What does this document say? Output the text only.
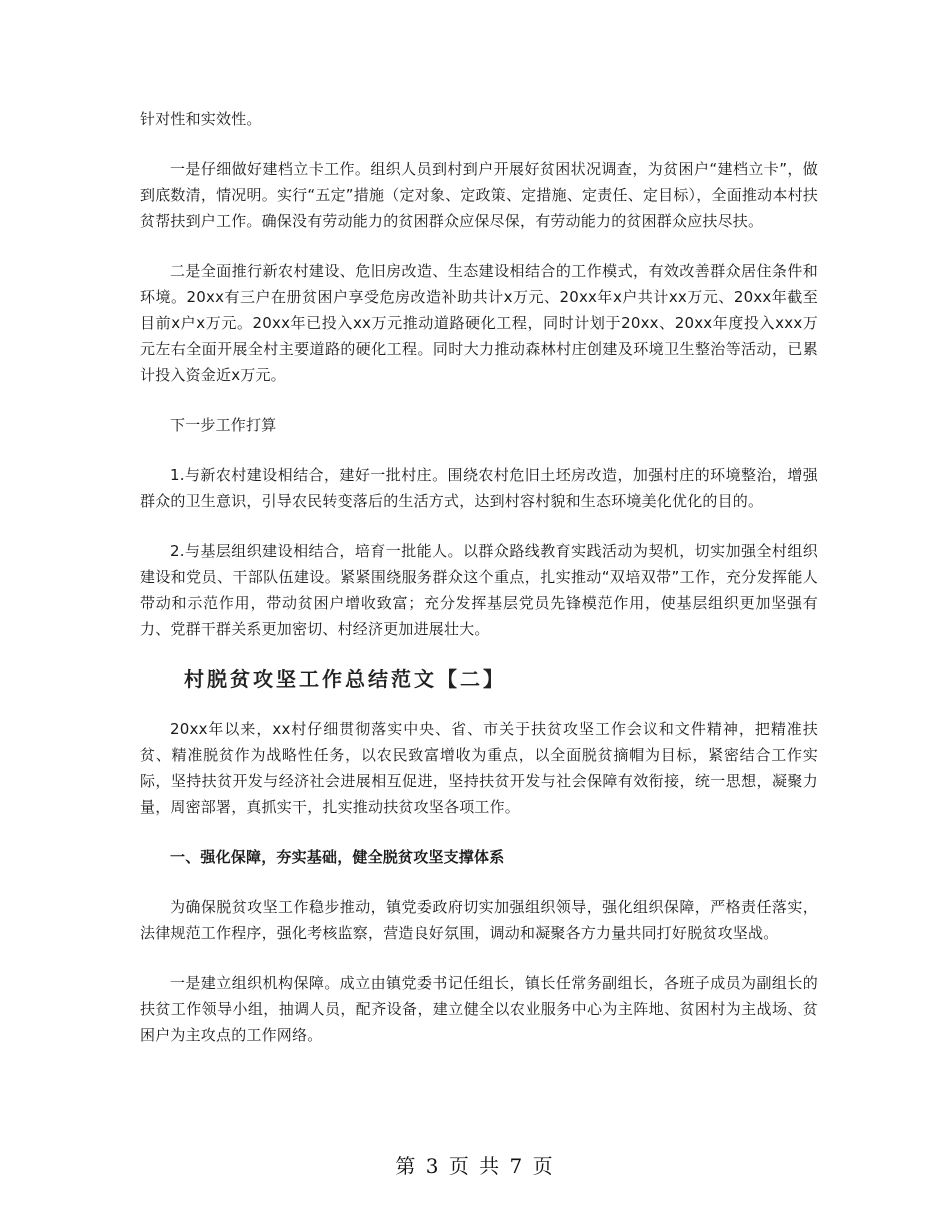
针对性和实效性。

一是仔细做好建档立卡工作。组织人员到村到户开展好贫困状况调查，为贫困户“建档立卡”，做到底数清，情况明。实行“五定”措施（定对象、定政策、定措施、定责任、定目标），全面推动本村扶贫帮扶到户工作。确保没有劳动能力的贫困群众应保尽保，有劳动能力的贫困群众应扶尽扶。

二是全面推行新农村建设、危旧房改造、生态建设相结合的工作模式，有效改善群众居住条件和环境。20xx有三户在册贫困户享受危房改造补助共计x万元、20xx年x户共计xx万元、20xx年截至目前x户x万元。20xx年已投入xx万元推动道路硬化工程，同时计划于20xx、20xx年度投入xxx万元左右全面开展全村主要道路的硬化工程。同时大力推动森林村庄创建及环境卫生整治等活动，已累计投入资金近x万元。

下一步工作打算

1.与新农村建设相结合，建好一批村庄。围绕农村危旧土坯房改造，加强村庄的环境整治，增强群众的卫生意识，引导农民转变落后的生活方式，达到村容村貌和生态环境美化优化的目的。

2.与基层组织建设相结合，培育一批能人。以群众路线教育实践活动为契机，切实加强全村组织建设和党员、干部队伍建设。紧紧围绕服务群众这个重点，扎实推动“双培双带”工作，充分发挥能人带动和示范作用，带动贫困户增收致富；充分发挥基层党员先锋模范作用，使基层组织更加坚强有力、党群干群关系更加密切、村经济更加进展壮大。

村脱贫攻坚工作总结范文【二】

20xx年以来，xx村仔细贯彻落实中央、省、市关于扶贫攻坚工作会议和文件精神，把精准扶贫、精准脱贫作为战略性任务，以农民致富增收为重点，以全面脱贫摘帽为目标，紧密结合工作实际，坚持扶贫开发与经济社会进展相互促进，坚持扶贫开发与社会保障有效衔接，统一思想，凝聚力量，周密部署，真抓实干，扎实推动扶贫攻坚各项工作。

一、强化保障，夯实基础，健全脱贫攻坚支撑体系

为确保脱贫攻坚工作稳步推动，镇党委政府切实加强组织领导，强化组织保障，严格责任落实，法律规范工作程序，强化考核监察，营造良好氛围，调动和凝聚各方力量共同打好脱贫攻坚战。

一是建立组织机构保障。成立由镇党委书记任组长，镇长任常务副组长，各班子成员为副组长的扶贫工作领导小组，抽调人员，配齐设备，建立健全以农业服务中心为主阵地、贫困村为主战场、贫困户为主攻点的工作网络。

第 3 页 共 7 页
